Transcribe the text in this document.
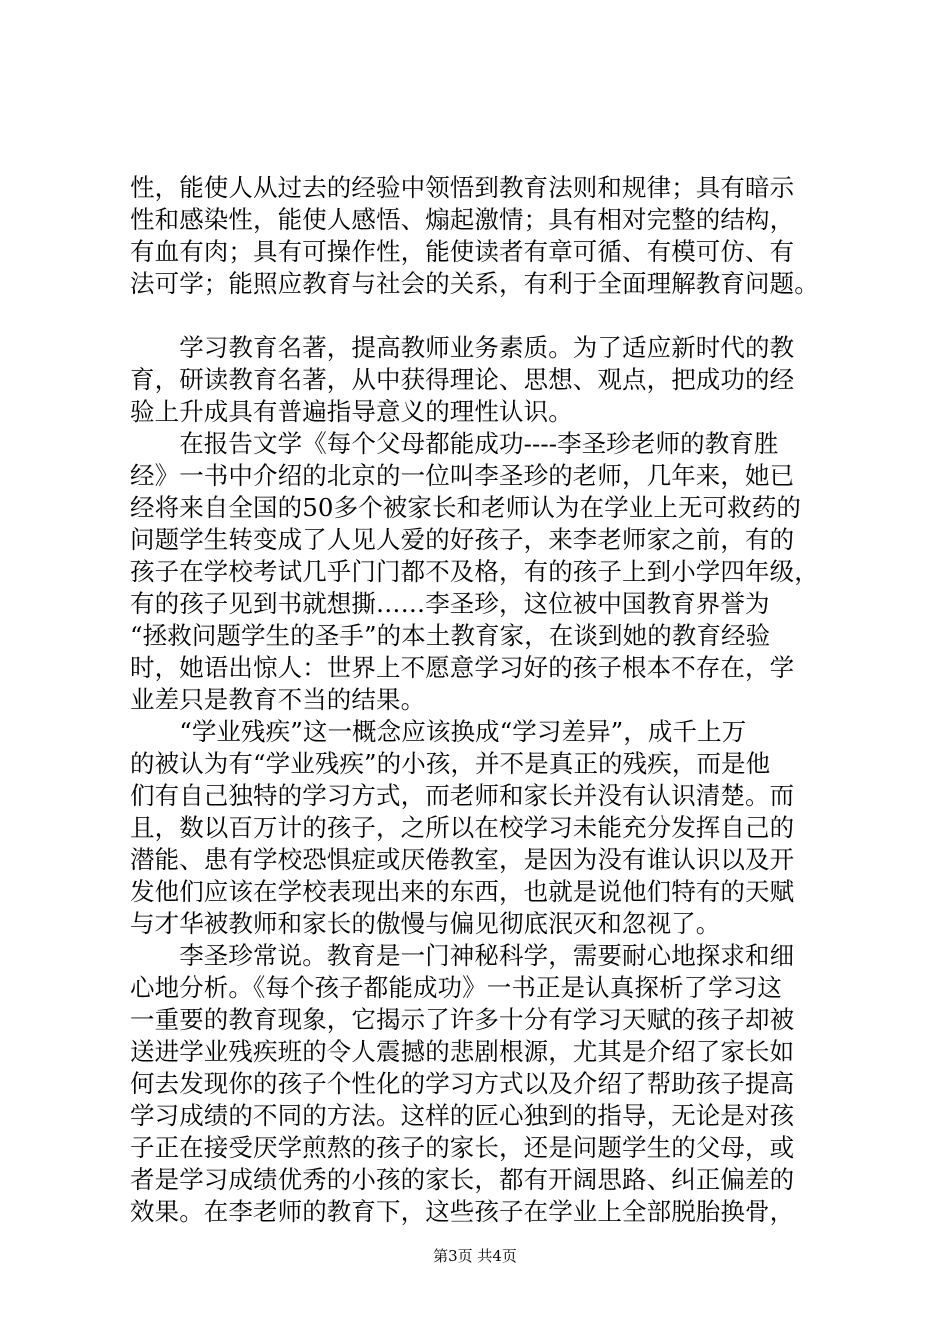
性，能使人从过去的经验中领悟到教育法则和规律；具有暗示
性和感染性，能使人感悟、煽起激情；具有相对完整的结构，
有血有肉；具有可操作性，能使读者有章可循、有模可仿、有
法可学；能照应教育与社会的关系，有利于全面理解教育问题。
　　学习教育名著，提高教师业务素质。为了适应新时代的教
育，研读教育名著，从中获得理论、思想、观点，把成功的经
验上升成具有普遍指导意义的理性认识。
　　在报告文学《每个父母都能成功----李圣珍老师的教育胜
经》一书中介绍的北京的一位叫李圣珍的老师，几年来，她已
经将来自全国的50多个被家长和老师认为在学业上无可救药的
问题学生转变成了人见人爱的好孩子，来李老师家之前，有的
孩子在学校考试几乎门门都不及格，有的孩子上到小学四年级，
有的孩子见到书就想撕……李圣珍，这位被中国教育界誉为
“拯救问题学生的圣手”的本土教育家，在谈到她的教育经验
时，她语出惊人：世界上不愿意学习好的孩子根本不存在，学
业差只是教育不当的结果。
　　“学业残疾”这一概念应该换成“学习差异”，成千上万
的被认为有“学业残疾”的小孩，并不是真正的残疾，而是他
们有自己独特的学习方式，而老师和家长并没有认识清楚。而
且，数以百万计的孩子，之所以在校学习未能充分发挥自己的
潜能、患有学校恐惧症或厌倦教室，是因为没有谁认识以及开
发他们应该在学校表现出来的东西，也就是说他们特有的天赋
与才华被教师和家长的傲慢与偏见彻底泯灭和忽视了。
　　李圣珍常说。教育是一门神秘科学，需要耐心地探求和细
心地分析。《每个孩子都能成功》一书正是认真探析了学习这
一重要的教育现象，它揭示了许多十分有学习天赋的孩子却被
送进学业残疾班的令人震撼的悲剧根源，尤其是介绍了家长如
何去发现你的孩子个性化的学习方式以及介绍了帮助孩子提高
学习成绩的不同的方法。这样的匠心独到的指导，无论是对孩
子正在接受厌学煎熬的孩子的家长，还是问题学生的父母，或
者是学习成绩优秀的小孩的家长，都有开阔思路、纠正偏差的
效果。在李老师的教育下，这些孩子在学业上全部脱胎换骨，
第3页 共4页
